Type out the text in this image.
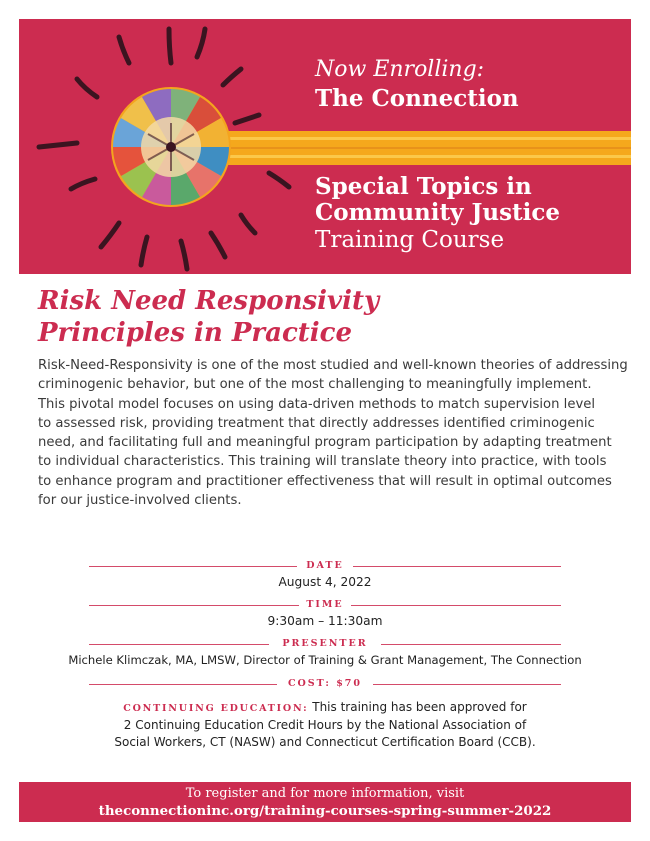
Now Enrolling:
The Connection
Special Topics in
Community Justice
Training Course
Risk Need Responsivity
Principles in Practice
Risk-Need-Responsivity is one of the most studied and well-known theories of addressing
criminogenic behavior, but one of the most challenging to meaningfully implement.
This pivotal model focuses on using data-driven methods to match supervision level
to assessed risk, providing treatment that directly addresses identified criminogenic
need, and facilitating full and meaningful program participation by adapting treatment
to individual characteristics. This training will translate theory into practice, with tools
to enhance program and practitioner effectiveness that will result in optimal outcomes
for our justice-involved clients.
DATE
August 4, 2022
TIME
9:30am – 11:30am
PRESENTER
Michele Klimczak, MA, LMSW, Director of Training & Grant Management, The Connection
COST: $70
CONTINUING EDUCATION: This training has been approved for
2 Continuing Education Credit Hours by the National Association of
Social Workers, CT (NASW) and Connecticut Certification Board (CCB).
To register and for more information, visit
theconnectioninc.org/training-courses-spring-summer-2022
